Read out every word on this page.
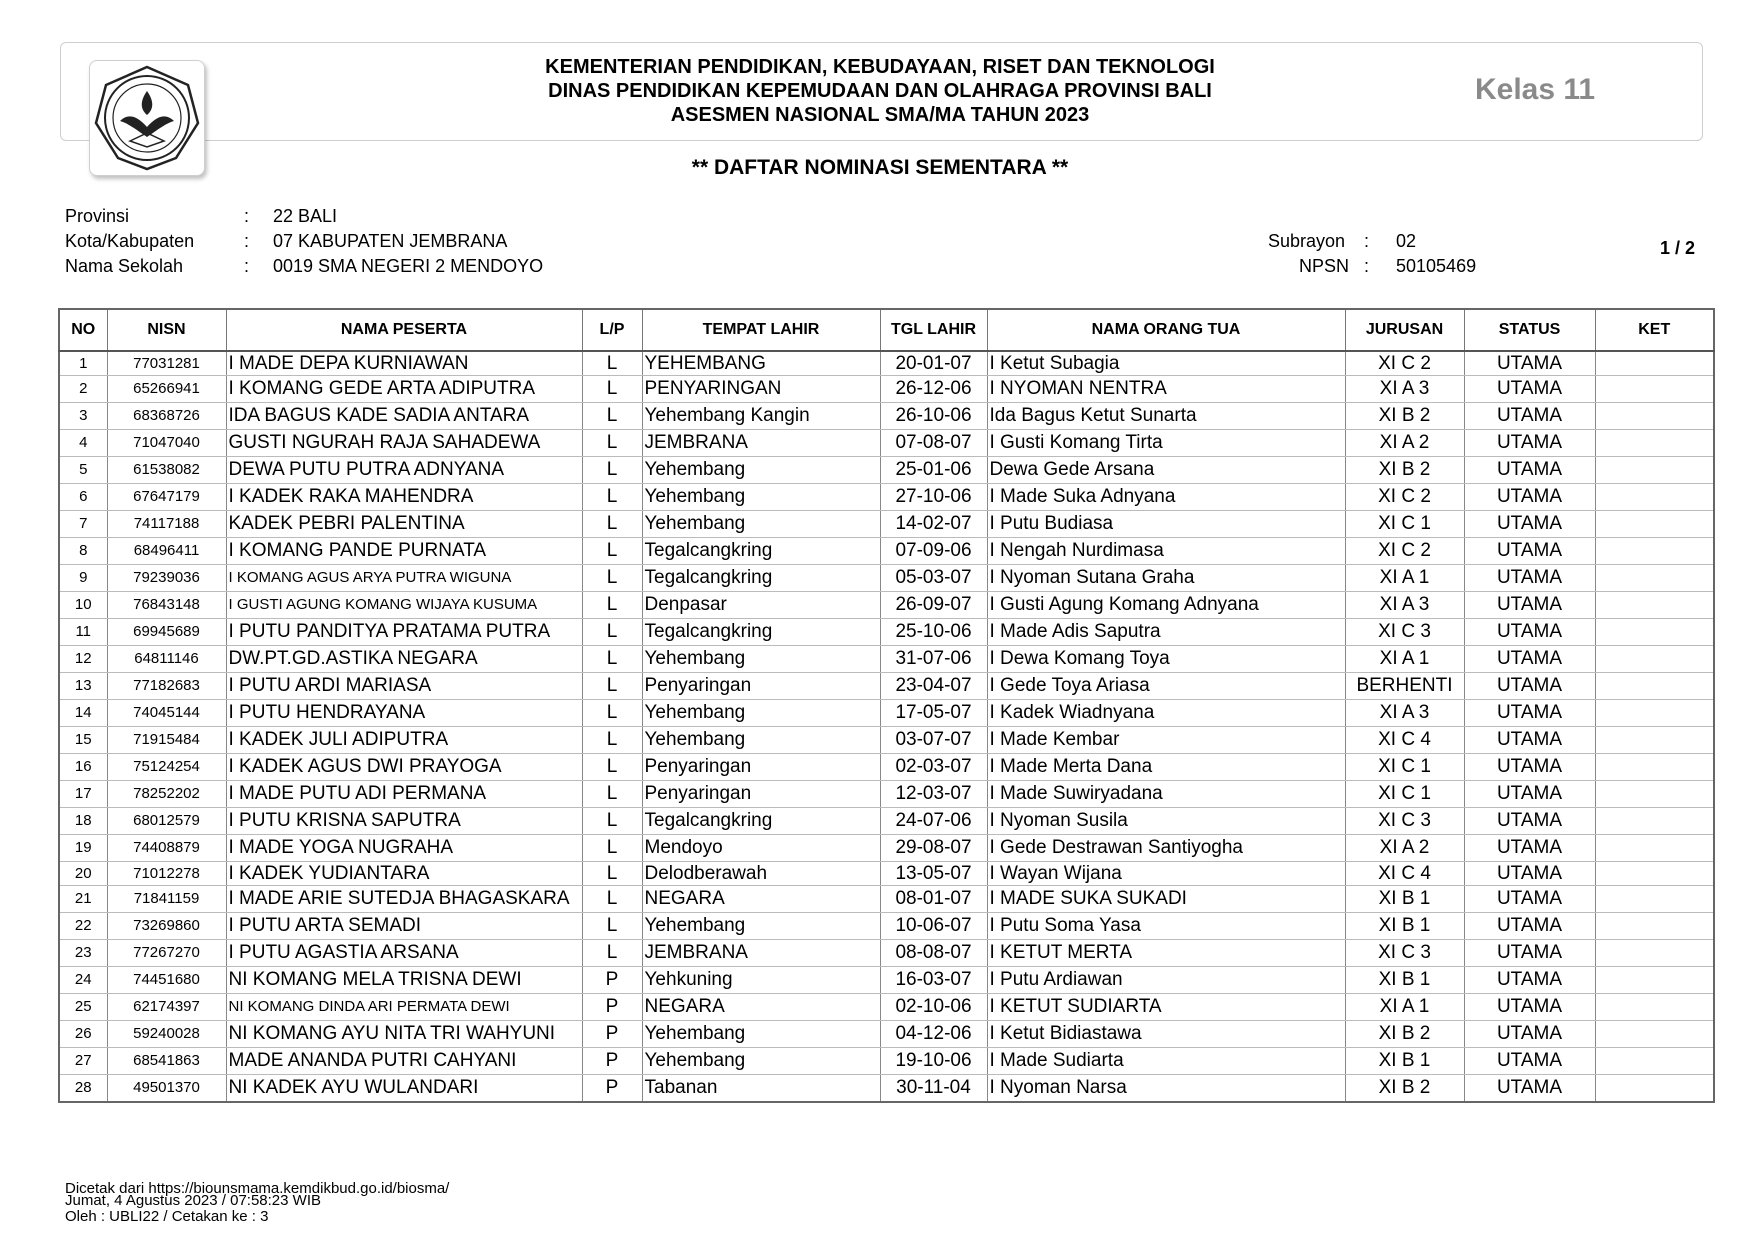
KEMENTERIAN PENDIDIKAN, KEBUDAYAAN, RISET DAN TEKNOLOGI
DINAS PENDIDIKAN KEPEMUDAAN DAN OLAHRAGA PROVINSI BALI
ASESMEN NASIONAL SMA/MA TAHUN 2023
Kelas 11
** DAFTAR NOMINASI SEMENTARA **
Provinsi	: 22 BALI
Kota/Kabupaten	: 07 KABUPATEN JEMBRANA
Nama Sekolah	: 0019 SMA NEGERI 2 MENDOYO
Subrayon : 02
NPSN : 50105469
1 / 2
NO	NISN	NAMA PESERTA	L/P	TEMPAT LAHIR	TGL LAHIR	NAMA ORANG TUA	JURUSAN	STATUS	KET
1	77031281	I MADE DEPA KURNIAWAN	L	YEHEMBANG	20-01-07	I Ketut Subagia	XI C 2	UTAMA	
2	65266941	I KOMANG GEDE ARTA ADIPUTRA	L	PENYARINGAN	26-12-06	I NYOMAN NENTRA	XI A 3	UTAMA	
3	68368726	IDA BAGUS KADE SADIA ANTARA	L	Yehembang Kangin	26-10-06	Ida Bagus Ketut Sunarta	XI B 2	UTAMA	
4	71047040	GUSTI NGURAH RAJA SAHADEWA	L	JEMBRANA	07-08-07	I Gusti Komang Tirta	XI A 2	UTAMA	
5	61538082	DEWA PUTU PUTRA ADNYANA	L	Yehembang	25-01-06	Dewa Gede Arsana	XI B 2	UTAMA	
6	67647179	I KADEK RAKA MAHENDRA	L	Yehembang	27-10-06	I Made Suka Adnyana	XI C 2	UTAMA	
7	74117188	KADEK PEBRI PALENTINA	L	Yehembang	14-02-07	I Putu Budiasa	XI C 1	UTAMA	
8	68496411	I KOMANG PANDE PURNATA	L	Tegalcangkring	07-09-06	I Nengah Nurdimasa	XI C 2	UTAMA	
9	79239036	I KOMANG AGUS ARYA PUTRA WIGUNA	L	Tegalcangkring	05-03-07	I Nyoman Sutana Graha	XI A 1	UTAMA	
10	76843148	I GUSTI AGUNG KOMANG WIJAYA KUSUMA	L	Denpasar	26-09-07	I Gusti Agung Komang Adnyana	XI A 3	UTAMA	
11	69945689	I PUTU PANDITYA PRATAMA PUTRA	L	Tegalcangkring	25-10-06	I Made Adis Saputra	XI C 3	UTAMA	
12	64811146	DW.PT.GD.ASTIKA NEGARA	L	Yehembang	31-07-06	I Dewa Komang Toya	XI A 1	UTAMA	
13	77182683	I PUTU ARDI MARIASA	L	Penyaringan	23-04-07	I Gede Toya Ariasa	BERHENTI	UTAMA	
14	74045144	I PUTU HENDRAYANA	L	Yehembang	17-05-07	I Kadek Wiadnyana	XI A 3	UTAMA	
15	71915484	I KADEK JULI ADIPUTRA	L	Yehembang	03-07-07	I Made Kembar	XI C 4	UTAMA	
16	75124254	I KADEK AGUS DWI PRAYOGA	L	Penyaringan	02-03-07	I Made Merta Dana	XI C 1	UTAMA	
17	78252202	I MADE PUTU ADI PERMANA	L	Penyaringan	12-03-07	I Made Suwiryadana	XI C 1	UTAMA	
18	68012579	I PUTU KRISNA SAPUTRA	L	Tegalcangkring	24-07-06	I Nyoman Susila	XI C 3	UTAMA	
19	74408879	I MADE YOGA NUGRAHA	L	Mendoyo	29-08-07	I Gede Destrawan Santiyogha	XI A 2	UTAMA	
20	71012278	I KADEK YUDIANTARA	L	Delodberawah	13-05-07	I Wayan Wijana	XI C 4	UTAMA	
21	71841159	I MADE ARIE SUTEDJA BHAGASKARA	L	NEGARA	08-01-07	I MADE SUKA SUKADI	XI B 1	UTAMA	
22	73269860	I PUTU ARTA SEMADI	L	Yehembang	10-06-07	I Putu Soma Yasa	XI B 1	UTAMA	
23	77267270	I PUTU AGASTIA ARSANA	L	JEMBRANA	08-08-07	I KETUT MERTA	XI C 3	UTAMA	
24	74451680	NI KOMANG MELA TRISNA DEWI	P	Yehkuning	16-03-07	I Putu Ardiawan	XI B 1	UTAMA	
25	62174397	NI KOMANG DINDA ARI PERMATA DEWI	P	NEGARA	02-10-06	I KETUT SUDIARTA	XI A 1	UTAMA	
26	59240028	NI KOMANG AYU NITA TRI WAHYUNI	P	Yehembang	04-12-06	I Ketut Bidiastawa	XI B 2	UTAMA	
27	68541863	MADE ANANDA PUTRI CAHYANI	P	Yehembang	19-10-06	I Made Sudiarta	XI B 1	UTAMA	
28	49501370	NI KADEK AYU WULANDARI	P	Tabanan	30-11-04	I Nyoman Narsa	XI B 2	UTAMA	
Dicetak dari https://biounsmama.kemdikbud.go.id/biosma/
Jumat, 4 Agustus 2023 / 07:58:23 WIB
Oleh : UBLI22 / Cetakan ke : 3
